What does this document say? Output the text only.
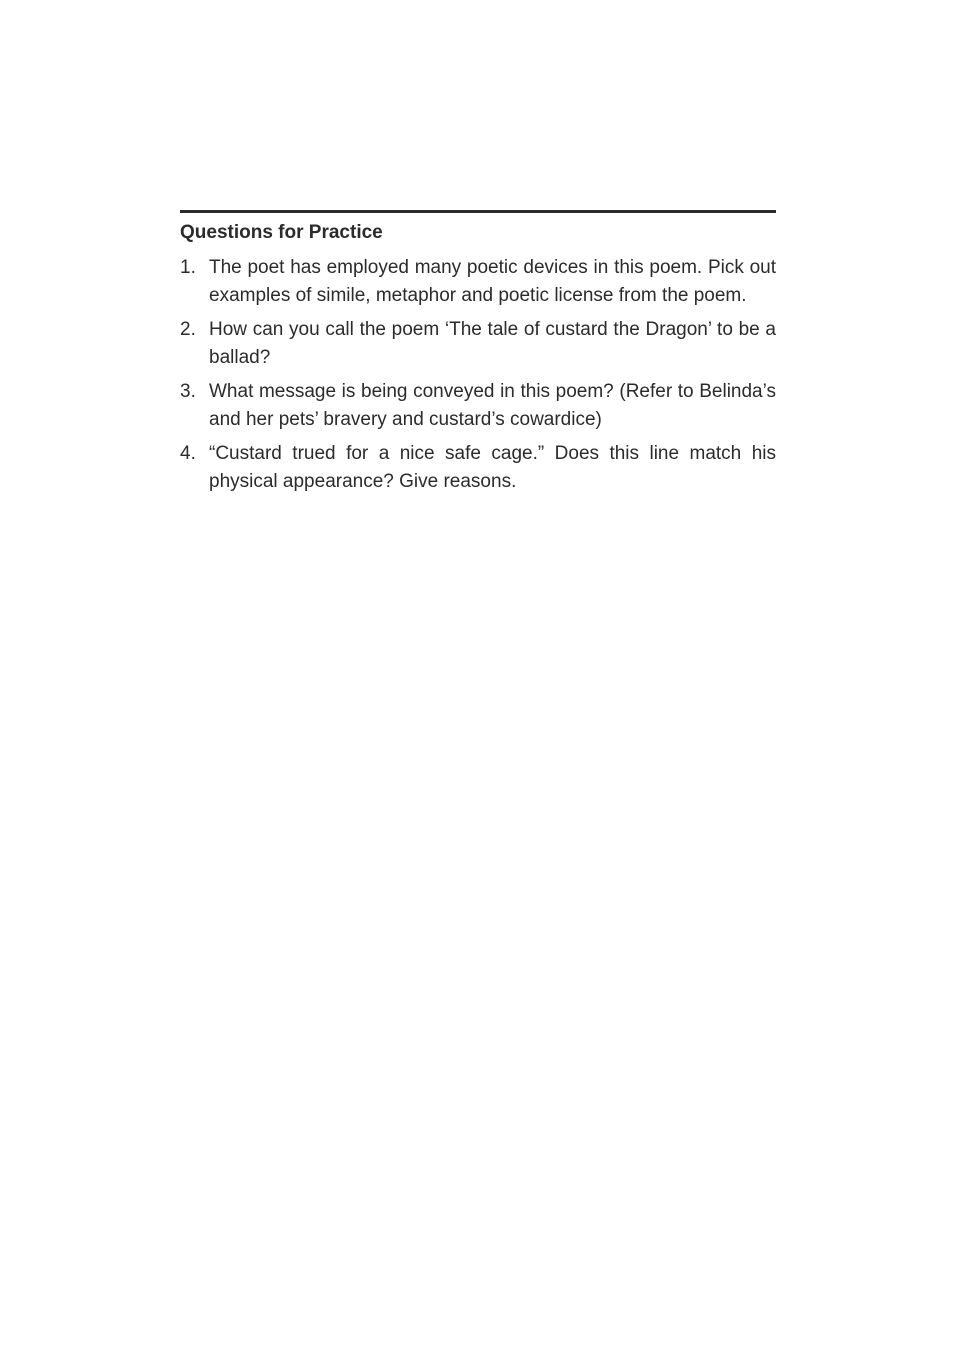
Questions for Practice
1. The poet has employed many poetic devices in this poem. Pick out examples of simile, metaphor and poetic license from the poem.
2. How can you call the poem ‘The tale of custard the Dragon’ to be a ballad?
3. What message is being conveyed in this poem? (Refer to Belinda’s and her pets’ bravery and custard’s cowardice)
4. “Custard trued for a nice safe cage.” Does this line match his physical appearance? Give reasons.
